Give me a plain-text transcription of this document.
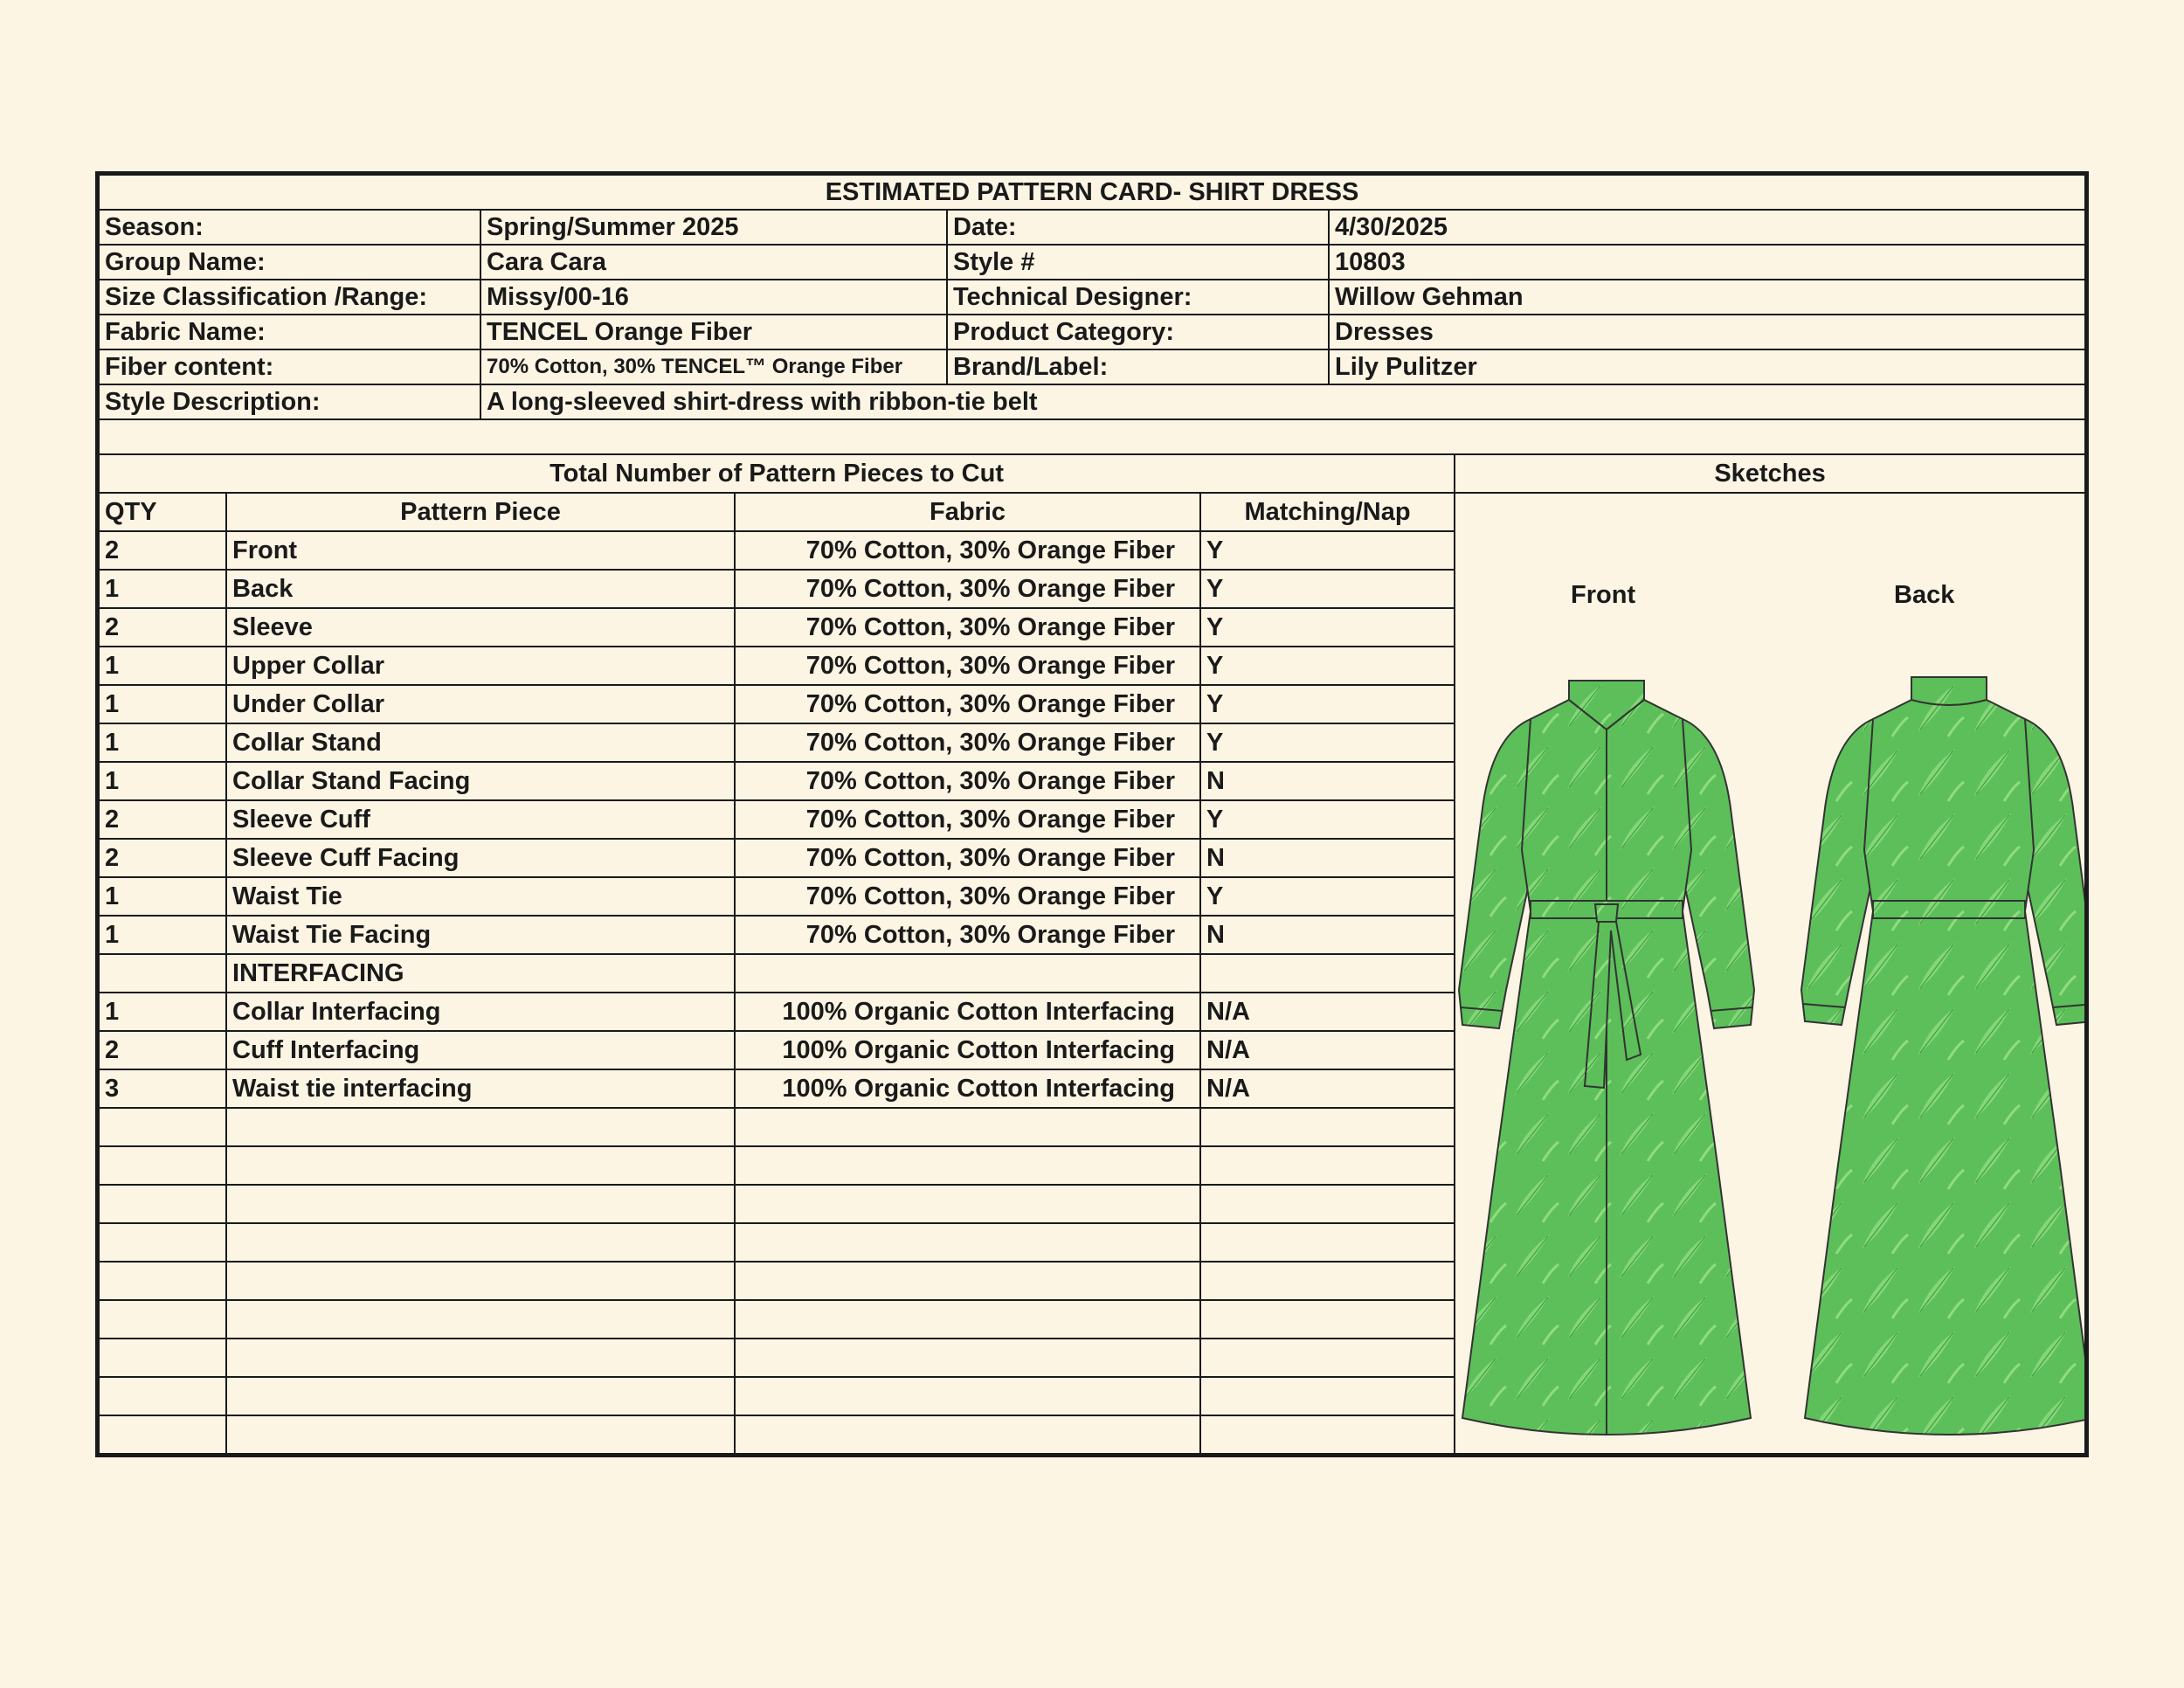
ESTIMATED PATTERN CARD- SHIRT DRESS			
Season:	Spring/Summer 2025	Date:	4/30/2025
Group Name:	Cara Cara	Style #	10803
Size Classification /Range:	Missy/00-16	Technical Designer:	Willow Gehman
Fabric Name:	TENCEL Orange Fiber	Product Category:	Dresses
Fiber content:	70% Cotton, 30% TENCEL™ Orange Fiber	Brand/Label:	Lily Pulitzer
Style Description:	A long-sleeved shirt-dress with ribbon-tie belt		

Total Number of Pattern Pieces to Cut				Sketches
QTY	Pattern Piece	Fabric	Matching/Nap	Front Back

2	Front	70% Cotton, 30% Orange Fiber	Y	
1	Back	70% Cotton, 30% Orange Fiber	Y	
2	Sleeve	70% Cotton, 30% Orange Fiber	Y	
1	Upper Collar	70% Cotton, 30% Orange Fiber	Y	
1	Under Collar	70% Cotton, 30% Orange Fiber	Y	
1	Collar Stand	70% Cotton, 30% Orange Fiber	Y	
1	Collar Stand Facing	70% Cotton, 30% Orange Fiber	N	
2	Sleeve Cuff	70% Cotton, 30% Orange Fiber	Y	
2	Sleeve Cuff Facing	70% Cotton, 30% Orange Fiber	N	
1	Waist Tie	70% Cotton, 30% Orange Fiber	Y	
1	Waist Tie Facing	70% Cotton, 30% Orange Fiber	N	
	INTERFACING			
1	Collar Interfacing	100% Organic Cotton Interfacing	N/A	
2	Cuff Interfacing	100% Organic Cotton Interfacing	N/A	
3	Waist tie interfacing	100% Organic Cotton Interfacing	N/A	
